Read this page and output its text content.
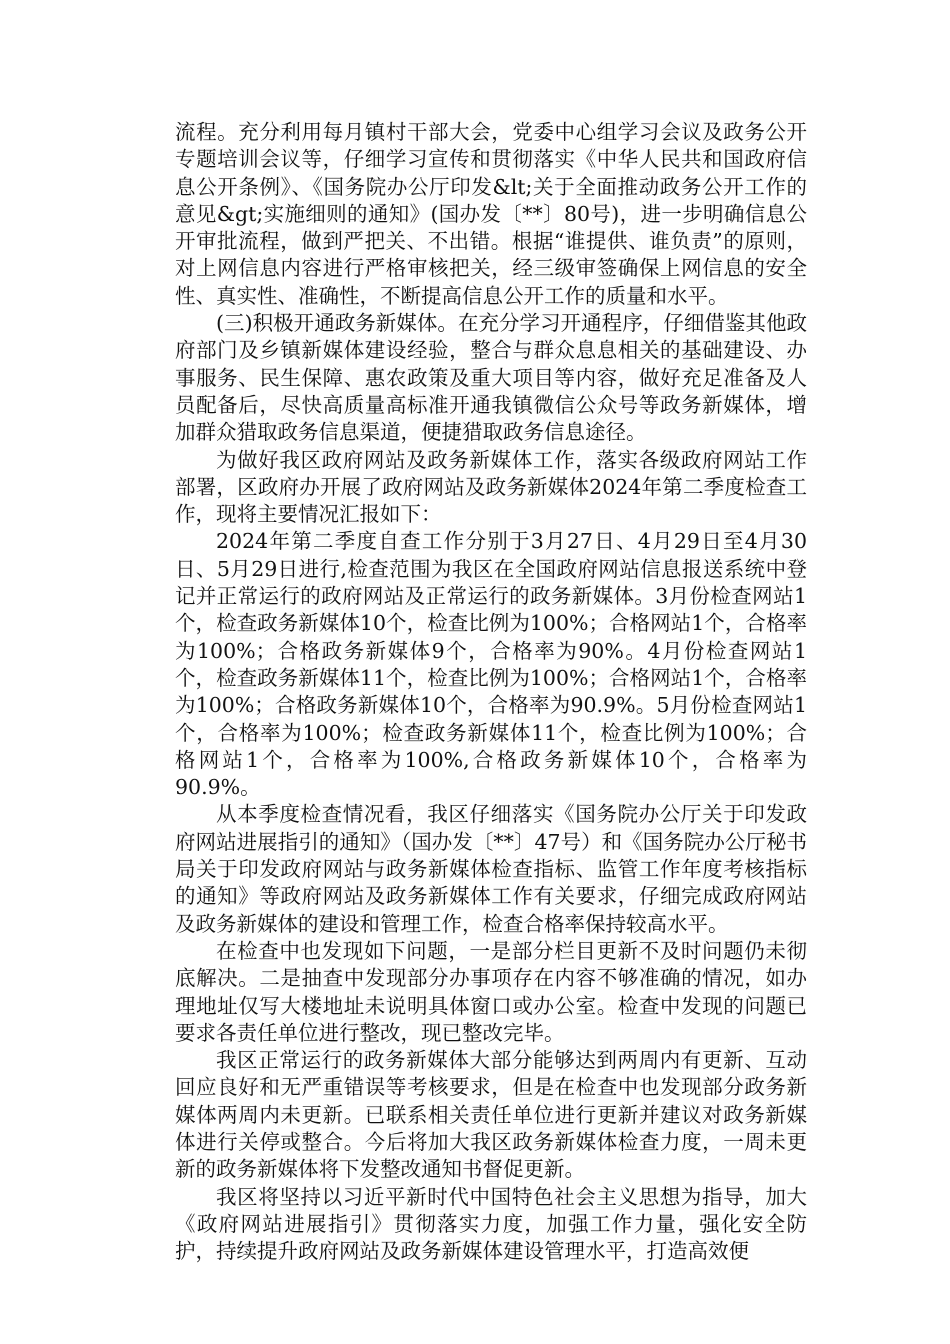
流程。充分利用每月镇村干部大会，党委中心组学习会议及政务公开专题培训会议等，仔细学习宣传和贯彻落实《中华人民共和国政府信息公开条例》、《国务院办公厅印发&lt;关于全面推动政务公开工作的意见&gt;实施细则的通知》(国办发〔**〕80号)，进一步明确信息公开审批流程，做到严把关、不出错。根据“谁提供、谁负责”的原则，对上网信息内容进行严格审核把关，经三级审签确保上网信息的安全性、真实性、准确性，不断提高信息公开工作的质量和水平。

(三)积极开通政务新媒体。在充分学习开通程序，仔细借鉴其他政府部门及乡镇新媒体建设经验，整合与群众息息相关的基础建设、办事服务、民生保障、惠农政策及重大项目等内容，做好充足准备及人员配备后，尽快高质量高标准开通我镇微信公众号等政务新媒体，增加群众猎取政务信息渠道，便捷猎取政务信息途径。

为做好我区政府网站及政务新媒体工作，落实各级政府网站工作部署，区政府办开展了政府网站及政务新媒体2024年第二季度检查工作，现将主要情况汇报如下：

2024年第二季度自查工作分别于3月27日、4月29日至4月30日、5月29日进行,检查范围为我区在全国政府网站信息报送系统中登记并正常运行的政府网站及正常运行的政务新媒体。3月份检查网站1个，检查政务新媒体10个，检查比例为100%；合格网站1个，合格率为100%；合格政务新媒体9个，合格率为90%。4月份检查网站1个，检查政务新媒体11个，检查比例为100%；合格网站1个，合格率为100%；合格政务新媒体10个，合格率为90.9%。5月份检查网站1个，合格率为100%；检查政务新媒体11个，检查比例为100%；合格网站1个，合格率为100%,合格政务新媒体10个，合格率为90.9%。

从本季度检查情况看，我区仔细落实《国务院办公厅关于印发政府网站进展指引的通知》（国办发〔**〕47号）和《国务院办公厅秘书局关于印发政府网站与政务新媒体检查指标、监管工作年度考核指标的通知》等政府网站及政务新媒体工作有关要求，仔细完成政府网站及政务新媒体的建设和管理工作，检查合格率保持较高水平。

在检查中也发现如下问题，一是部分栏目更新不及时问题仍未彻底解决。二是抽查中发现部分办事项存在内容不够准确的情况，如办理地址仅写大楼地址未说明具体窗口或办公室。检查中发现的问题已要求各责任单位进行整改，现已整改完毕。

我区正常运行的政务新媒体大部分能够达到两周内有更新、互动回应良好和无严重错误等考核要求，但是在检查中也发现部分政务新媒体两周内未更新。已联系相关责任单位进行更新并建议对政务新媒体进行关停或整合。今后将加大我区政务新媒体检查力度，一周未更新的政务新媒体将下发整改通知书督促更新。

我区将坚持以习近平新时代中国特色社会主义思想为指导，加大《政府网站进展指引》贯彻落实力度，加强工作力量，强化安全防护，持续提升政府网站及政务新媒体建设管理水平，打造高效便
